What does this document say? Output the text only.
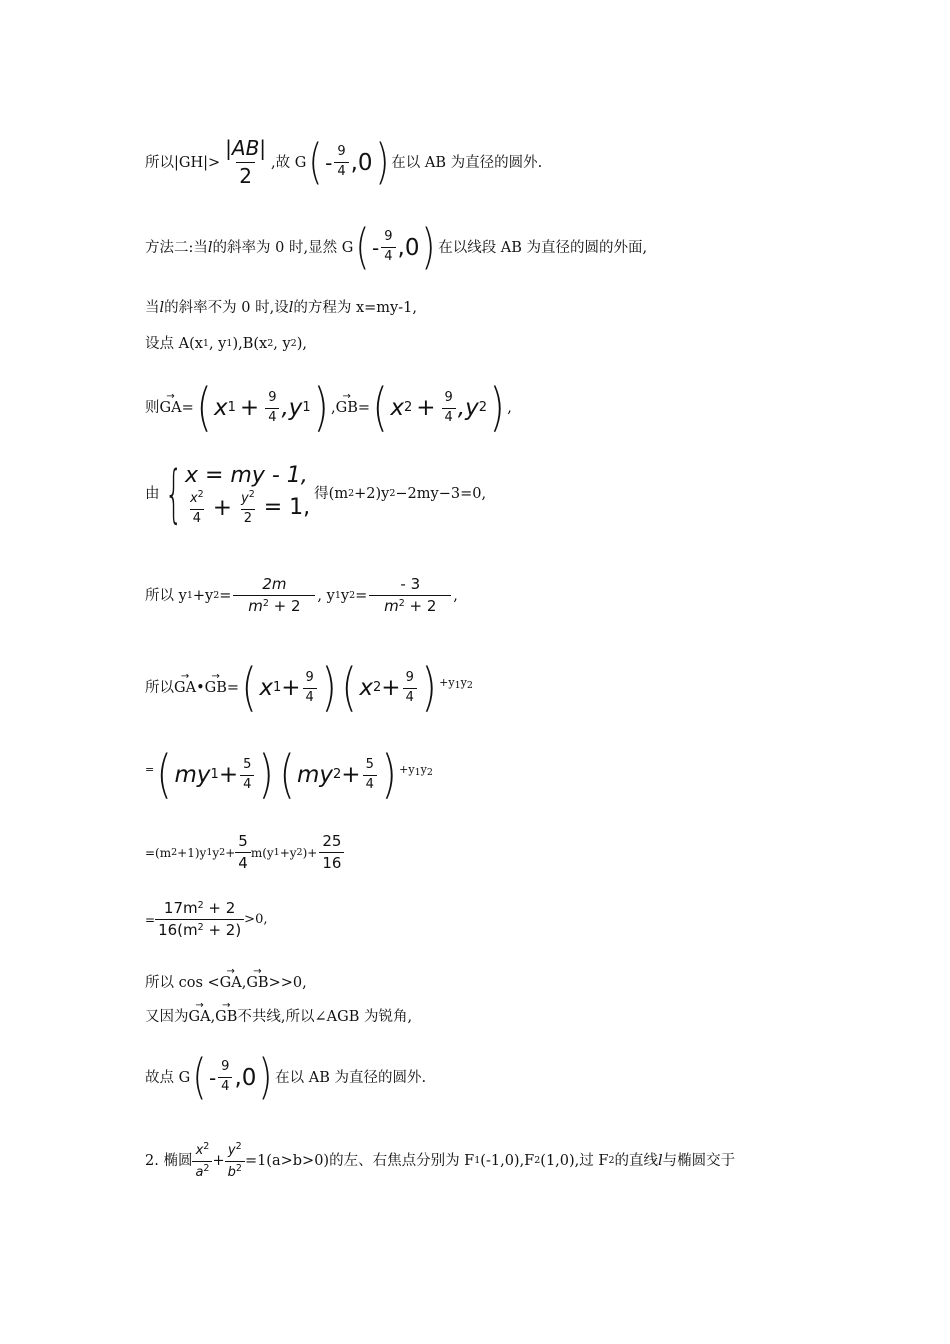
所以$|GH|> \frac{|AB|}{2}$ ,故 G ( - $\frac{9}{4} ,0$ ) 在以 AB 为直径的圆外.
方法二:当 l 的斜率为 0 时,显然 G ( - $\frac{9}{4} ,0$ ) 在以线段 AB 为直径的圆的外面,
当 l 的斜率不为 0 时,设 l 的方程为 x=my-1,
设点 A(x 1 , y 1 ),B(x 2 , y 2 ),
则 → GA = ( x $1 + \frac{9}{4} ,y$ 1 ) , → GB = ( x $2 + \frac{9}{4} ,y$ 2 ) ,
由 { x = my - 1,
$\frac{x^2}{4} + \frac{y^2}{2} = 1$,
得(m 2 +2)y 2 −2my−3=0,
所以 y 1 +y $2 = \frac{2m}{m^2 + 2}$ , y 1 y $2 = \frac{- 3}{m^2 + 2}$ ,
所以 → GA • → GB = ( x $1 + \frac{9}{4}$ ) ( x $2 + \frac{9}{4}$ ) +y1y2
= ( my $1 + \frac{5}{4}$ ) ( my $2 + \frac{5}{4}$ ) +y1y2
=(m 2 +1)y 1 y $2 + \frac{5}{4} m(y$ 1 +y 2 )+ $\frac{25}{16}$
= $\frac{17m^2 + 2}{16(m^2 + 2)} >0$,
所以 cos < → GA , → GB >>0,
又因为 → GA , → GB 不共线,所以∠AGB 为锐角,
故点 G ( - $\frac{9}{4} ,0$ ) 在以 AB 为直径的圆外.
2. 椭圆 $\frac{x^2}{a^2} + \frac{y^2}{b^2} =1(a>b>0)$的左、右焦点分别为 F 1 (-1,0),F 2 (1,0),过 F 2 的直线 l 与椭圆交于
